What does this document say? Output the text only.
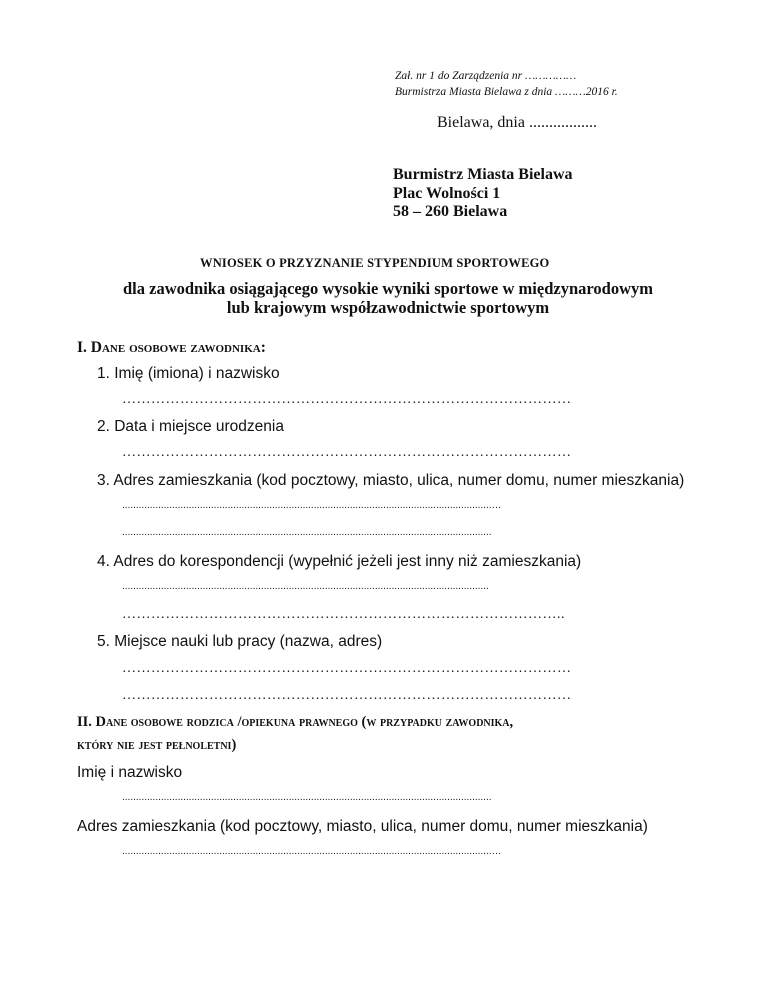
Zał. nr 1 do Zarządzenia nr ……………
Burmistrza Miasta Bielawa z dnia ………2016 r.
Bielawa, dnia .................
Burmistrz Miasta Bielawa
Plac Wolności 1
58 – 260 Bielawa
WNIOSEK O PRZYZNANIE STYPENDIUM SPORTOWEGO
dla zawodnika osiągającego wysokie wyniki sportowe w międzynarodowym
lub krajowym współzawodnictwie sportowym
I. Dane osobowe zawodnika:
1. Imię (imiona) i nazwisko
…………………………………………………………………………………
2. Data i miejsce urodzenia
…………………………………………………………………………………
3. Adres zamieszkania (kod pocztowy, miasto, ulica, numer domu, numer mieszkania)
.....................................................................................................................................…
.....................................................................................................................................
4. Adres do korespondencji (wypełnić jeżeli jest inny niż zamieszkania)
....................................................................................................................................
………………………………………………………………………………..
5. Miejsce nauki lub pracy (nazwa, adres)
…………………………………………………………………………………
…………………………………………………………………………………
II. Dane osobowe rodzica /opiekuna prawnego (w przypadku zawodnika,
który nie jest pełnoletni)
Imię i nazwisko
.....................................................................................................................................
Adres zamieszkania (kod pocztowy, miasto, ulica, numer domu, numer mieszkania)
.....................................................................................................................................…
